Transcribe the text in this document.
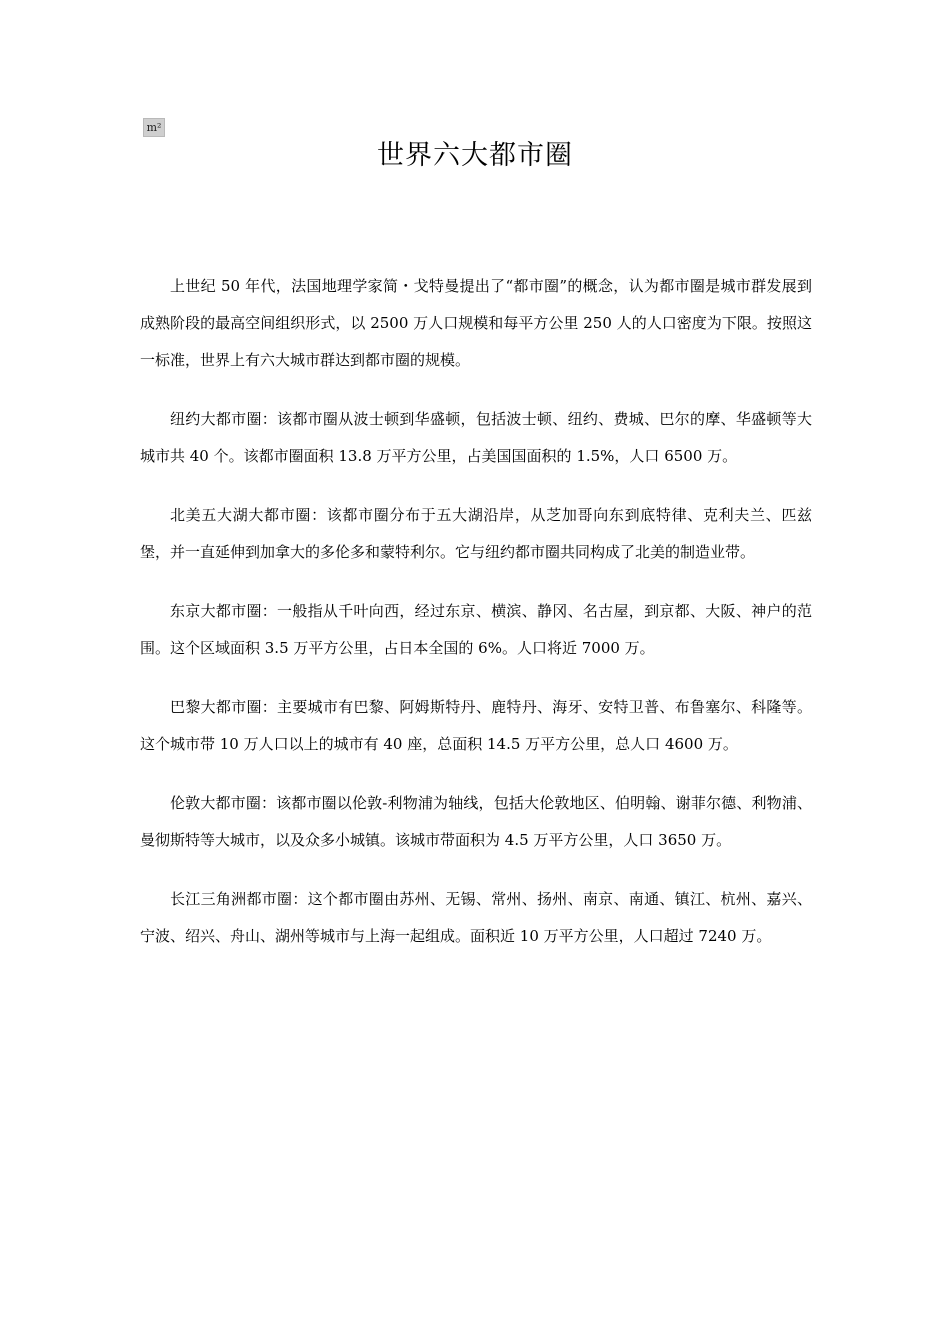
m²
世界六大都市圈

上世纪 50 年代，法国地理学家简・戈特曼提出了“都市圈”的概念，认为都市圈是城市群发展到成熟阶段的最高空间组织形式，以 2500 万人口规模和每平方公里 250 人的人口密度为下限。按照这一标准，世界上有六大城市群达到都市圈的规模。

纽约大都市圈：该都市圈从波士顿到华盛顿，包括波士顿、纽约、费城、巴尔的摩、华盛顿等大城市共 40 个。该都市圈面积 13.8 万平方公里，占美国国面积的 1.5%，人口 6500 万。

北美五大湖大都市圈：该都市圈分布于五大湖沿岸，从芝加哥向东到底特律、克利夫兰、匹兹堡，并一直延伸到加拿大的多伦多和蒙特利尔。它与纽约都市圈共同构成了北美的制造业带。

东京大都市圈：一般指从千叶向西，经过东京、横滨、静冈、名古屋，到京都、大阪、神户的范围。这个区域面积 3.5 万平方公里，占日本全国的 6%。人口将近 7000 万。

巴黎大都市圈：主要城市有巴黎、阿姆斯特丹、鹿特丹、海牙、安特卫普、布鲁塞尔、科隆等。这个城市带 10 万人口以上的城市有 40 座，总面积 14.5 万平方公里，总人口 4600 万。

伦敦大都市圈：该都市圈以伦敦-利物浦为轴线，包括大伦敦地区、伯明翰、谢菲尔德、利物浦、曼彻斯特等大城市，以及众多小城镇。该城市带面积为 4.5 万平方公里，人口 3650 万。

长江三角洲都市圈：这个都市圈由苏州、无锡、常州、扬州、南京、南通、镇江、杭州、嘉兴、宁波、绍兴、舟山、湖州等城市与上海一起组成。面积近 10 万平方公里，人口超过 7240 万。
